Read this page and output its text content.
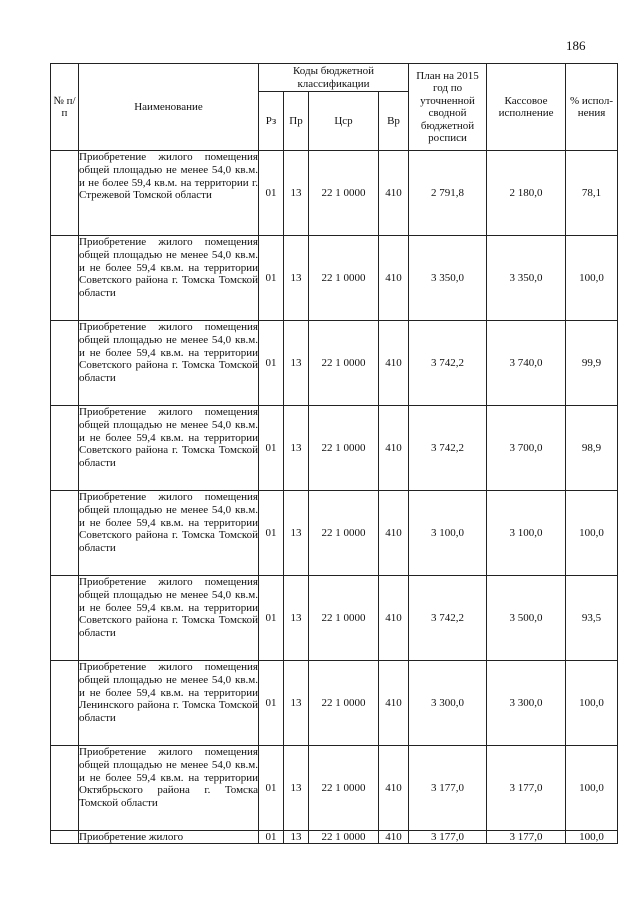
186
№ п/п	Наименование	Коды бюджетной классификации				План на 2015 год по уточненной сводной бюджетной росписи	Кассовое исполнение	% испол-нения
		Рз	Пр	Цср	Вр			
	Приобретение жилого помещения общей площадью не менее 54,0 кв.м. и не более 59,4 кв.м. на территории г. Стрежевой Томской области	01	13	22 1 0000	410	2 791,8	2 180,0	78,1
	Приобретение жилого помещения общей площадью не менее 54,0 кв.м. и не более 59,4 кв.м. на территории Советского района г. Томска Томской области	01	13	22 1 0000	410	3 350,0	3 350,0	100,0
	Приобретение жилого помещения общей площадью не менее 54,0 кв.м. и не более 59,4 кв.м. на территории Советского района г. Томска Томской области	01	13	22 1 0000	410	3 742,2	3 740,0	99,9
	Приобретение жилого помещения общей площадью не менее 54,0 кв.м. и не более 59,4 кв.м. на территории Советского района г. Томска Томской области	01	13	22 1 0000	410	3 742,2	3 700,0	98,9
	Приобретение жилого помещения общей площадью не менее 54,0 кв.м. и не более 59,4 кв.м. на территории Советского района г. Томска Томской области	01	13	22 1 0000	410	3 100,0	3 100,0	100,0
	Приобретение жилого помещения общей площадью не менее 54,0 кв.м. и не более 59,4 кв.м. на территории Советского района г. Томска Томской области	01	13	22 1 0000	410	3 742,2	3 500,0	93,5
	Приобретение жилого помещения общей площадью не менее 54,0 кв.м. и не более 59,4 кв.м. на территории Ленинского района г. Томска Томской области	01	13	22 1 0000	410	3 300,0	3 300,0	100,0
	Приобретение жилого помещения общей площадью не менее 54,0 кв.м. и не более 59,4 кв.м. на территории Октябрьского района г. Томска Томской области	01	13	22 1 0000	410	3 177,0	3 177,0	100,0
	Приобретение жилого	01	13	22 1 0000	410	3 177,0	3 177,0	100,0
